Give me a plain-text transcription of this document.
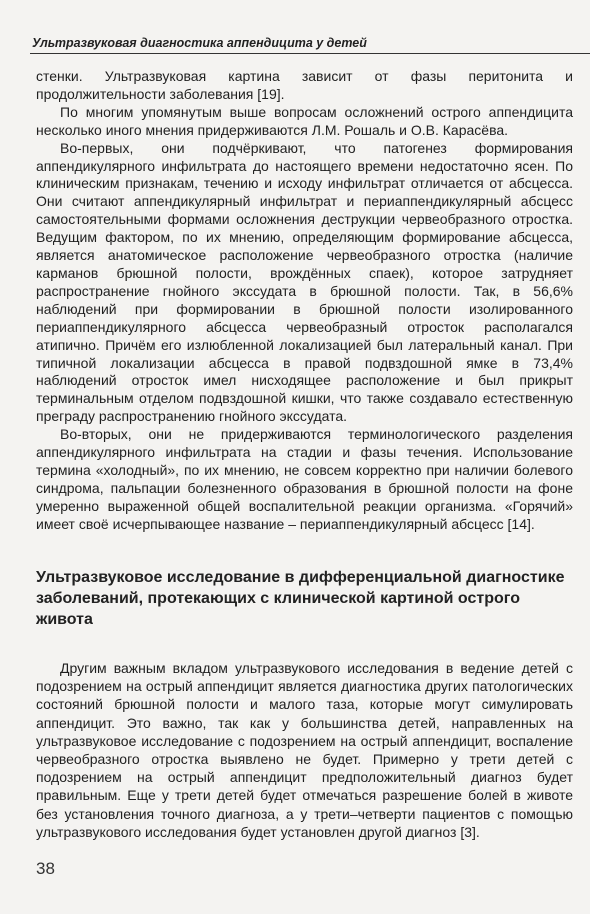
Ультразвуковая диагностика аппендицита у детей

стенки. Ультразвуковая картина зависит от фазы перитонита и продолжительности заболевания [19].

По многим упомянутым выше вопросам осложнений острого аппендицита несколько иного мнения придерживаются Л.М. Рошаль и О.В. Карасёва.

Во-первых, они подчёркивают, что патогенез формирования аппендикулярного инфильтрата до настоящего времени недостаточно ясен. По клиническим признакам, течению и исходу инфильтрат отличается от абсцесса. Они считают аппендикулярный инфильтрат и периаппендикулярный абсцесс самостоятельными формами осложнения деструкции червеобразного отростка. Ведущим фактором, по их мнению, определяющим формирование абсцесса, является анатомическое расположение червеобразного отростка (наличие карманов брюшной полости, врождённых спаек), которое затрудняет распространение гнойного экссудата в брюшной полости. Так, в 56,6% наблюдений при формировании в брюшной полости изолированного периаппендикулярного абсцесса червеобразный отросток располагался атипично. Причём его излюбленной локализацией был латеральный канал. При типичной локализации абсцесса в правой подвздошной ямке в 73,4% наблюдений отросток имел нисходящее расположение и был прикрыт терминальным отделом подвздошной кишки, что также создавало естественную преграду распространению гнойного экссудата.

Во-вторых, они не придерживаются терминологического разделения аппендикулярного инфильтрата на стадии и фазы течения. Использование термина «холодный», по их мнению, не совсем корректно при наличии болевого синдрома, пальпации болезненного образования в брюшной полости на фоне умеренно выраженной общей воспалительной реакции организма. «Горячий» имеет своё исчерпывающее название – периаппендикулярный абсцесс [14].

Ультразвуковое исследование в дифференциальной диагностике заболеваний, протекающих с клинической картиной острого живота

Другим важным вкладом ультразвукового исследования в ведение детей с подозрением на острый аппендицит является диагностика других патологических состояний брюшной полости и малого таза, которые могут симулировать аппендицит. Это важно, так как у большинства детей, направленных на ультразвуковое исследование с подозрением на острый аппендицит, воспаление червеобразного отростка выявлено не будет. Примерно у трети детей с подозрением на острый аппендицит предположительный диагноз будет правильным. Еще у трети детей будет отмечаться разрешение болей в животе без установления точного диагноза, а у трети–четверти пациентов с помощью ультразвукового исследования будет установлен другой диагноз [3].

38
